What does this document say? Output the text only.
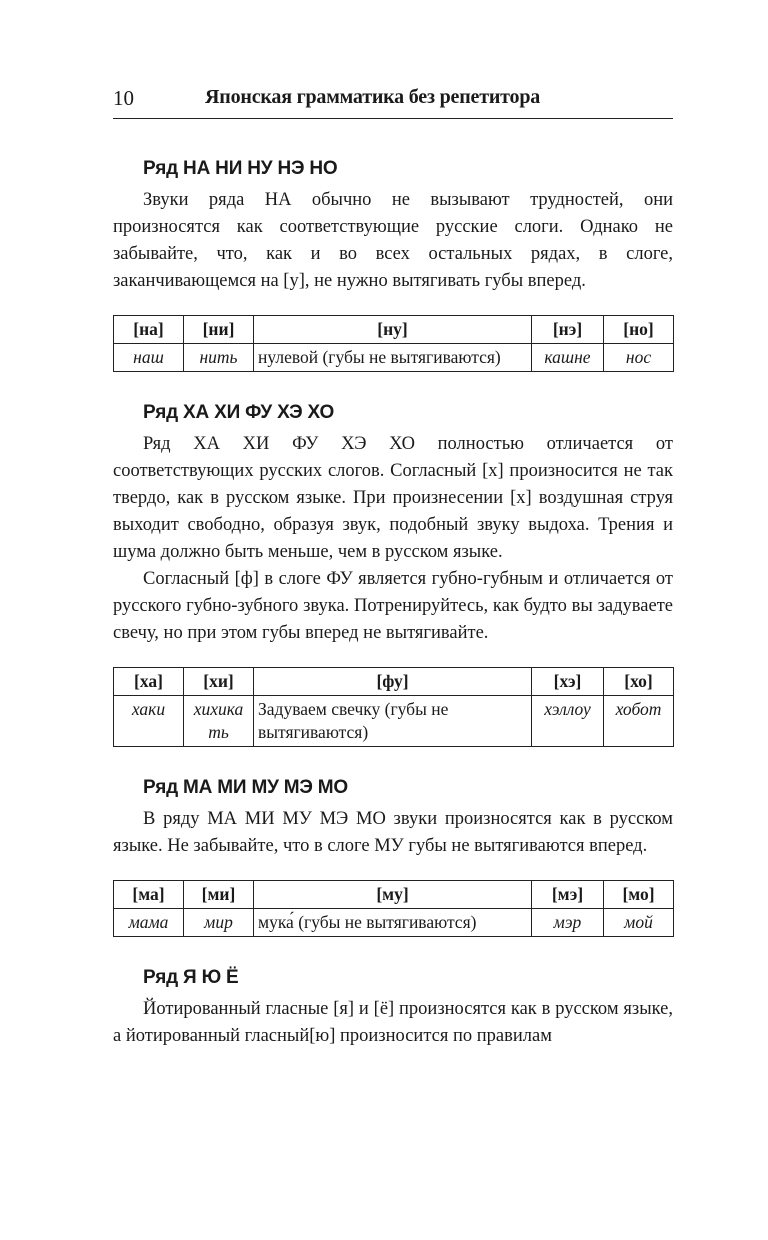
10	Японская грамматика без репетитора
Ряд НА НИ НУ НЭ НО

Звуки ряда НА обычно не вызывают трудностей, они произносятся как соответствующие русские слоги. Однако не забывайте, что, как и во всех остальных рядах, в слоге, заканчивающемся на [у], не нужно вытягивать губы вперед.

[на]	[ни]	[ну]	[нэ]	[но]
наш	нить	нулевой (губы не вытягиваются)	кашне	нос
Ряд ХА ХИ ФУ ХЭ ХО

Ряд ХА ХИ ФУ ХЭ ХО полностью отличается от соответствующих русских слогов. Согласный [х] произносится не так твердо, как в русском языке. При произнесении [х] воздушная струя выходит свободно, образуя звук, подобный звуку выдоха. Трения и шума должно быть меньше, чем в русском языке.

Согласный [ф] в слоге ФУ является губно-губным и отличается от русского губно-зубного звука. Потренируйтесь, как будто вы задуваете свечу, но при этом губы вперед не вытягивайте.

[ха]	[хи]	[фу]	[хэ]	[хо]
хаки	хихикать	Задуваем свечку (губы не вытягиваются)	хэллоу	хобот
Ряд МА МИ МУ МЭ МО

В ряду МА МИ МУ МЭ МО звуки произносятся как в русском языке. Не забывайте, что в слоге МУ губы не вытягиваются вперед.

[ма]	[ми]	[му]	[мэ]	[мо]
мама	мир	мука́ (губы не вытягиваются)	мэр	мой
Ряд Я Ю Ё

Йотированный гласные [я] и [ё] произносятся как в русском языке, а йотированный гласный[ю] произносится по правилам
